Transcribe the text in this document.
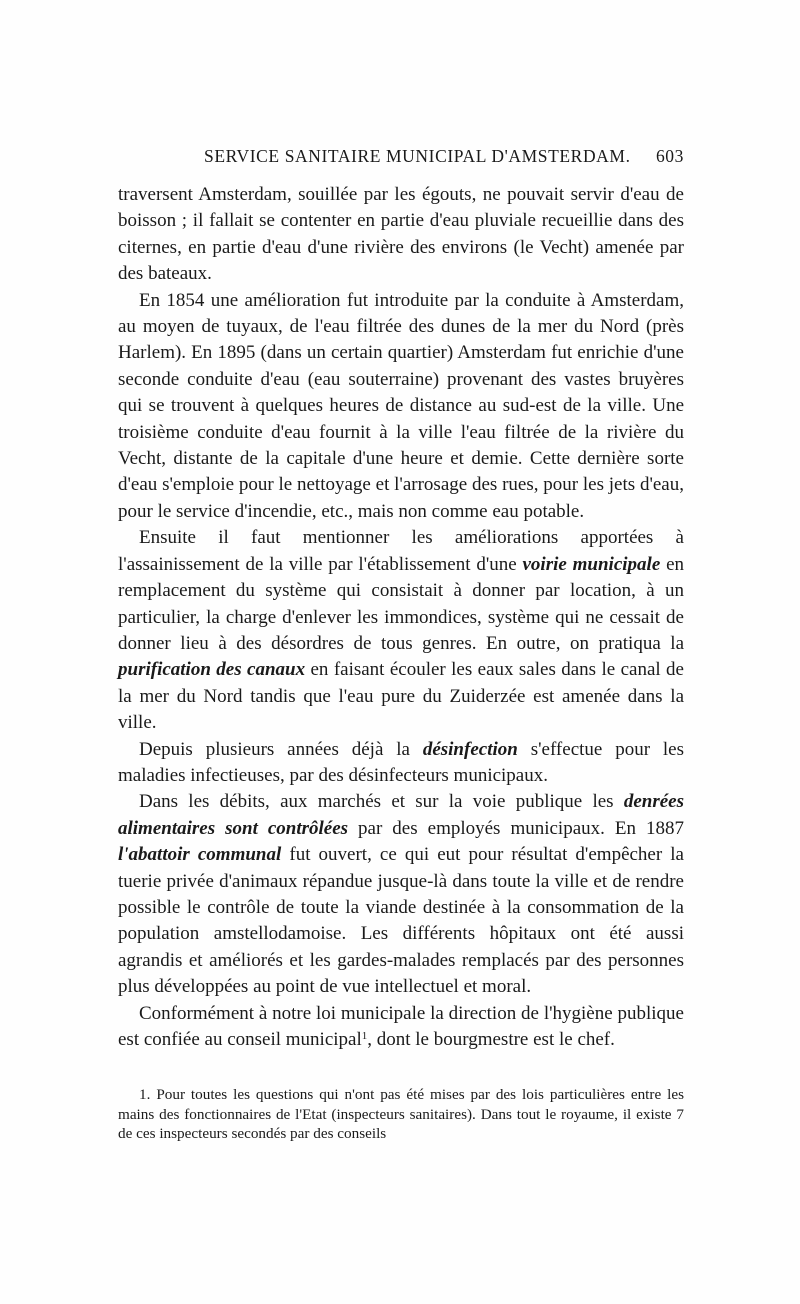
SERVICE SANITAIRE MUNICIPAL D'AMSTERDAM. 603

traversent Amsterdam, souillée par les égouts, ne pouvait servir d'eau de boisson ; il fallait se contenter en partie d'eau pluviale recueillie dans des citernes, en partie d'eau d'une rivière des environs (le Vecht) amenée par des bateaux.

En 1854 une amélioration fut introduite par la conduite à Amsterdam, au moyen de tuyaux, de l'eau filtrée des dunes de la mer du Nord (près Harlem). En 1895 (dans un certain quartier) Amsterdam fut enrichie d'une seconde conduite d'eau (eau souterraine) provenant des vastes bruyères qui se trouvent à quelques heures de distance au sud-est de la ville. Une troisième conduite d'eau fournit à la ville l'eau filtrée de la rivière du Vecht, distante de la capitale d'une heure et demie. Cette dernière sorte d'eau s'emploie pour le nettoyage et l'arrosage des rues, pour les jets d'eau, pour le service d'incendie, etc., mais non comme eau potable.

Ensuite il faut mentionner les améliorations apportées à l'assainissement de la ville par l'établissement d'une voirie municipale en remplacement du système qui consistait à donner par location, à un particulier, la charge d'enlever les immondices, système qui ne cessait de donner lieu à des désordres de tous genres. En outre, on pratiqua la purification des canaux en faisant écouler les eaux sales dans le canal de la mer du Nord tandis que l'eau pure du Zuiderzée est amenée dans la ville.

Depuis plusieurs années déjà la désinfection s'effectue pour les maladies infectieuses, par des désinfecteurs municipaux.

Dans les débits, aux marchés et sur la voie publique les denrées alimentaires sont contrôlées par des employés municipaux. En 1887 l'abattoir communal fut ouvert, ce qui eut pour résultat d'empêcher la tuerie privée d'animaux répandue jusque-là dans toute la ville et de rendre possible le contrôle de toute la viande destinée à la consommation de la population amstellodamoise. Les différents hôpitaux ont été aussi agrandis et améliorés et les gardes-malades remplacés par des personnes plus développées au point de vue intellectuel et moral.

Conformément à notre loi municipale la direction de l'hygiène publique est confiée au conseil municipal$^1$, dont le bourgmestre est le chef.

1. Pour toutes les questions qui n'ont pas été mises par des lois particulières entre les mains des fonctionnaires de l'Etat (inspecteurs sanitaires). Dans tout le royaume, il existe 7 de ces inspecteurs secondés par des conseils
